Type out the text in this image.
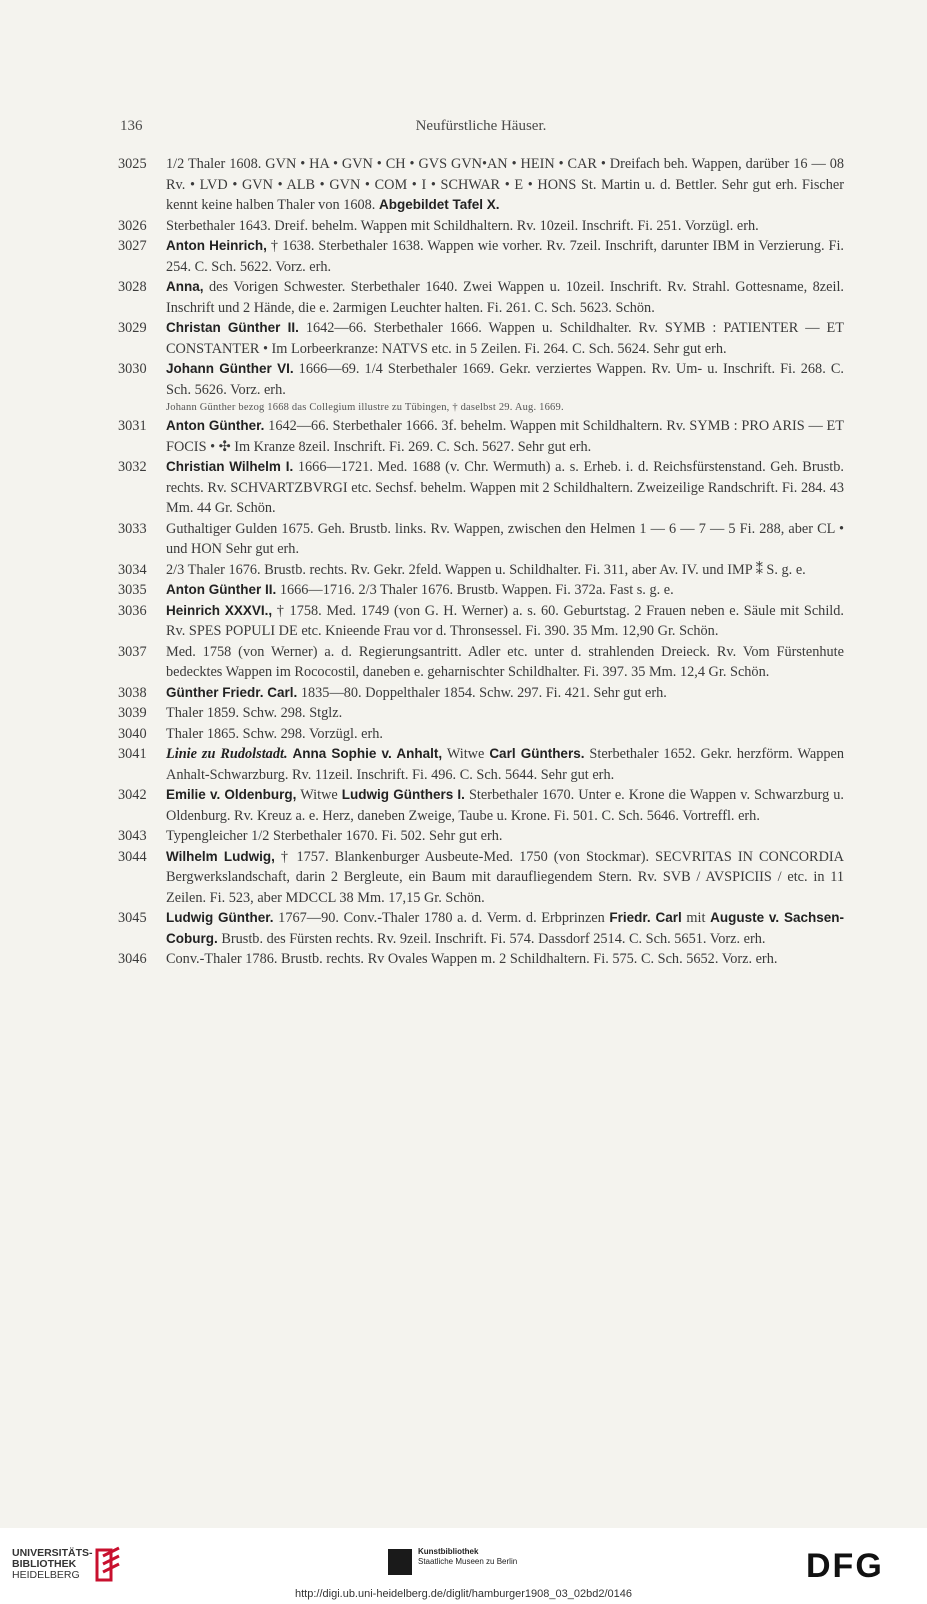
136	Neufürstliche Häuser.
3025	1/2 Thaler 1608. GVN • HA • GVN • CH • GVS GVN•AN • HEIN • CAR • Dreifach beh. Wappen, darüber 16 — 08 Rv. • LVD • GVN • ALB • GVN • COM • I • SCHWAR • E • HONS St. Martin u. d. Bettler. Sehr gut erh. Fischer kennt keine halben Thaler von 1608. Abgebildet Tafel X.
3026	Sterbethaler 1643. Dreif. behelm. Wappen mit Schildhaltern. Rv. 10zeil. Inschrift. Fi. 251. Vorzügl. erh.
3027	Anton Heinrich, † 1638. Sterbethaler 1638. Wappen wie vorher. Rv. 7zeil. Inschrift, darunter IBM in Verzierung. Fi. 254. C. Sch. 5622. Vorz. erh.
3028	Anna, des Vorigen Schwester. Sterbethaler 1640. Zwei Wappen u. 10zeil. Inschrift. Rv. Strahl. Gottesname, 8zeil. Inschrift und 2 Hände, die e. 2armigen Leuchter halten. Fi. 261. C. Sch. 5623. Schön.
3029	Christan Günther II. 1642—66. Sterbethaler 1666. Wappen u. Schildhalter. Rv. SYMB : PATIENTER — ET CONSTANTER • Im Lorbeerkranze: NATVS etc. in 5 Zeilen. Fi. 264. C. Sch. 5624. Sehr gut erh.
3030	Johann Günther VI. 1666—69. 1/4 Sterbethaler 1669. Gekr. verziertes Wappen. Rv. Um- u. Inschrift. Fi. 268. C. Sch. 5626. Vorz. erh.
Johann Günther bezog 1668 das Collegium illustre zu Tübingen, † daselbst 29. Aug. 1669.
3031	Anton Günther. 1642—66. Sterbethaler 1666. 3f. behelm. Wappen mit Schildhaltern. Rv. SYMB : PRO ARIS — ET FOCIS • ✣ Im Kranze 8zeil. Inschrift. Fi. 269. C. Sch. 5627. Sehr gut erh.
3032	Christian Wilhelm I. 1666—1721. Med. 1688 (v. Chr. Wermuth) a. s. Erheb. i. d. Reichsfürstenstand. Geh. Brustb. rechts. Rv. SCHVARTZBVRGI etc. Sechsf. behelm. Wappen mit 2 Schildhaltern. Zweizeilige Randschrift. Fi. 284. 43 Mm. 44 Gr. Schön.
3033	Guthaltiger Gulden 1675. Geh. Brustb. links. Rv. Wappen, zwischen den Helmen 1 — 6 — 7 — 5 Fi. 288, aber CL • und HON Sehr gut erh.
3034	2/3 Thaler 1676. Brustb. rechts. Rv. Gekr. 2feld. Wappen u. Schildhalter. Fi. 311, aber Av. IV. und IMP ⁑ S. g. e.
3035	Anton Günther II. 1666—1716. 2/3 Thaler 1676. Brustb. Wappen. Fi. 372a. Fast s. g. e.
3036	Heinrich XXXVI., † 1758. Med. 1749 (von G. H. Werner) a. s. 60. Geburtstag. 2 Frauen neben e. Säule mit Schild. Rv. SPES POPULI DE etc. Knieende Frau vor d. Thronsessel. Fi. 390. 35 Mm. 12,90 Gr. Schön.
3037	Med. 1758 (von Werner) a. d. Regierungsantritt. Adler etc. unter d. strahlenden Dreieck. Rv. Vom Fürstenhute bedecktes Wappen im Rococostil, daneben e. geharnischter Schildhalter. Fi. 397. 35 Mm. 12,4 Gr. Schön.
3038	Günther Friedr. Carl. 1835—80. Doppelthaler 1854. Schw. 297. Fi. 421. Sehr gut erh.
3039	Thaler 1859. Schw. 298. Stglz.
3040	Thaler 1865. Schw. 298. Vorzügl. erh.
3041	Linie zu Rudolstadt. Anna Sophie v. Anhalt, Witwe Carl Günthers. Sterbethaler 1652. Gekr. herzförm. Wappen Anhalt-Schwarzburg. Rv. 11zeil. Inschrift. Fi. 496. C. Sch. 5644. Sehr gut erh.
3042	Emilie v. Oldenburg, Witwe Ludwig Günthers I. Sterbethaler 1670. Unter e. Krone die Wappen v. Schwarzburg u. Oldenburg. Rv. Kreuz a. e. Herz, daneben Zweige, Taube u. Krone. Fi. 501. C. Sch. 5646. Vortreffl. erh.
3043	Typengleicher 1/2 Sterbethaler 1670. Fi. 502. Sehr gut erh.
3044	Wilhelm Ludwig, † 1757. Blankenburger Ausbeute-Med. 1750 (von Stockmar). SECVRITAS IN CONCORDIA Bergwerkslandschaft, darin 2 Bergleute, ein Baum mit daraufliegendem Stern. Rv. SVB / AVSPICIIS / etc. in 11 Zeilen. Fi. 523, aber MDCCL 38 Mm. 17,15 Gr. Schön.
3045	Ludwig Günther. 1767—90. Conv.-Thaler 1780 a. d. Verm. d. Erbprinzen Friedr. Carl mit Auguste v. Sachsen-Coburg. Brustb. des Fürsten rechts. Rv. 9zeil. Inschrift. Fi. 574. Dassdorf 2514. C. Sch. 5651. Vorz. erh.
3046	Conv.-Thaler 1786. Brustb. rechts. Rv Ovales Wappen m. 2 Schildhaltern. Fi. 575. C. Sch. 5652. Vorz. erh.
UNIVERSITÄTS-
BIBLIOTHEK
HEIDELBERG
Kunstbibliothek
Staatliche Museen zu Berlin	DFG
http://digi.ub.uni-heidelberg.de/diglit/hamburger1908_03_02bd2/0146
